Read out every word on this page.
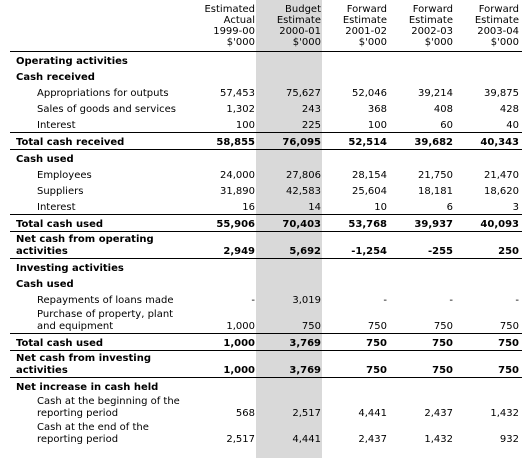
	Estimated
Actual
1999-00
$'000	Budget
Estimate
2000-01
$'000	Forward
Estimate
2001-02
$'000	Forward
Estimate
2002-03
$'000	Forward
Estimate
2003-04
$'000
Operating activities					
Cash received					
Appropriations for outputs	57,453	75,627	52,046	39,214	39,875
Sales of goods and services	1,302	243	368	408	428
Interest	100	225	100	60	40
Total cash received	58,855	76,095	52,514	39,682	40,343
Cash used					
Employees	24,000	27,806	28,154	21,750	21,470
Suppliers	31,890	42,583	25,604	18,181	18,620
Interest	16	14	10	6	3
Total cash used	55,906	70,403	53,768	39,937	40,093
Net cash from operating activities	2,949	5,692	-1,254	-255	250
Investing activities					
Cash used					
Repayments of loans made	-	3,019	-	-	-
Purchase of property, plant and equipment	1,000	750	750	750	750
Total cash used	1,000	3,769	750	750	750
Net cash from investing activities	1,000	3,769	750	750	750
Net increase in cash held					
Cash at the beginning of the reporting period	568	2,517	4,441	2,437	1,432
Cash at the end of the reporting period	2,517	4,441	2,437	1,432	932
